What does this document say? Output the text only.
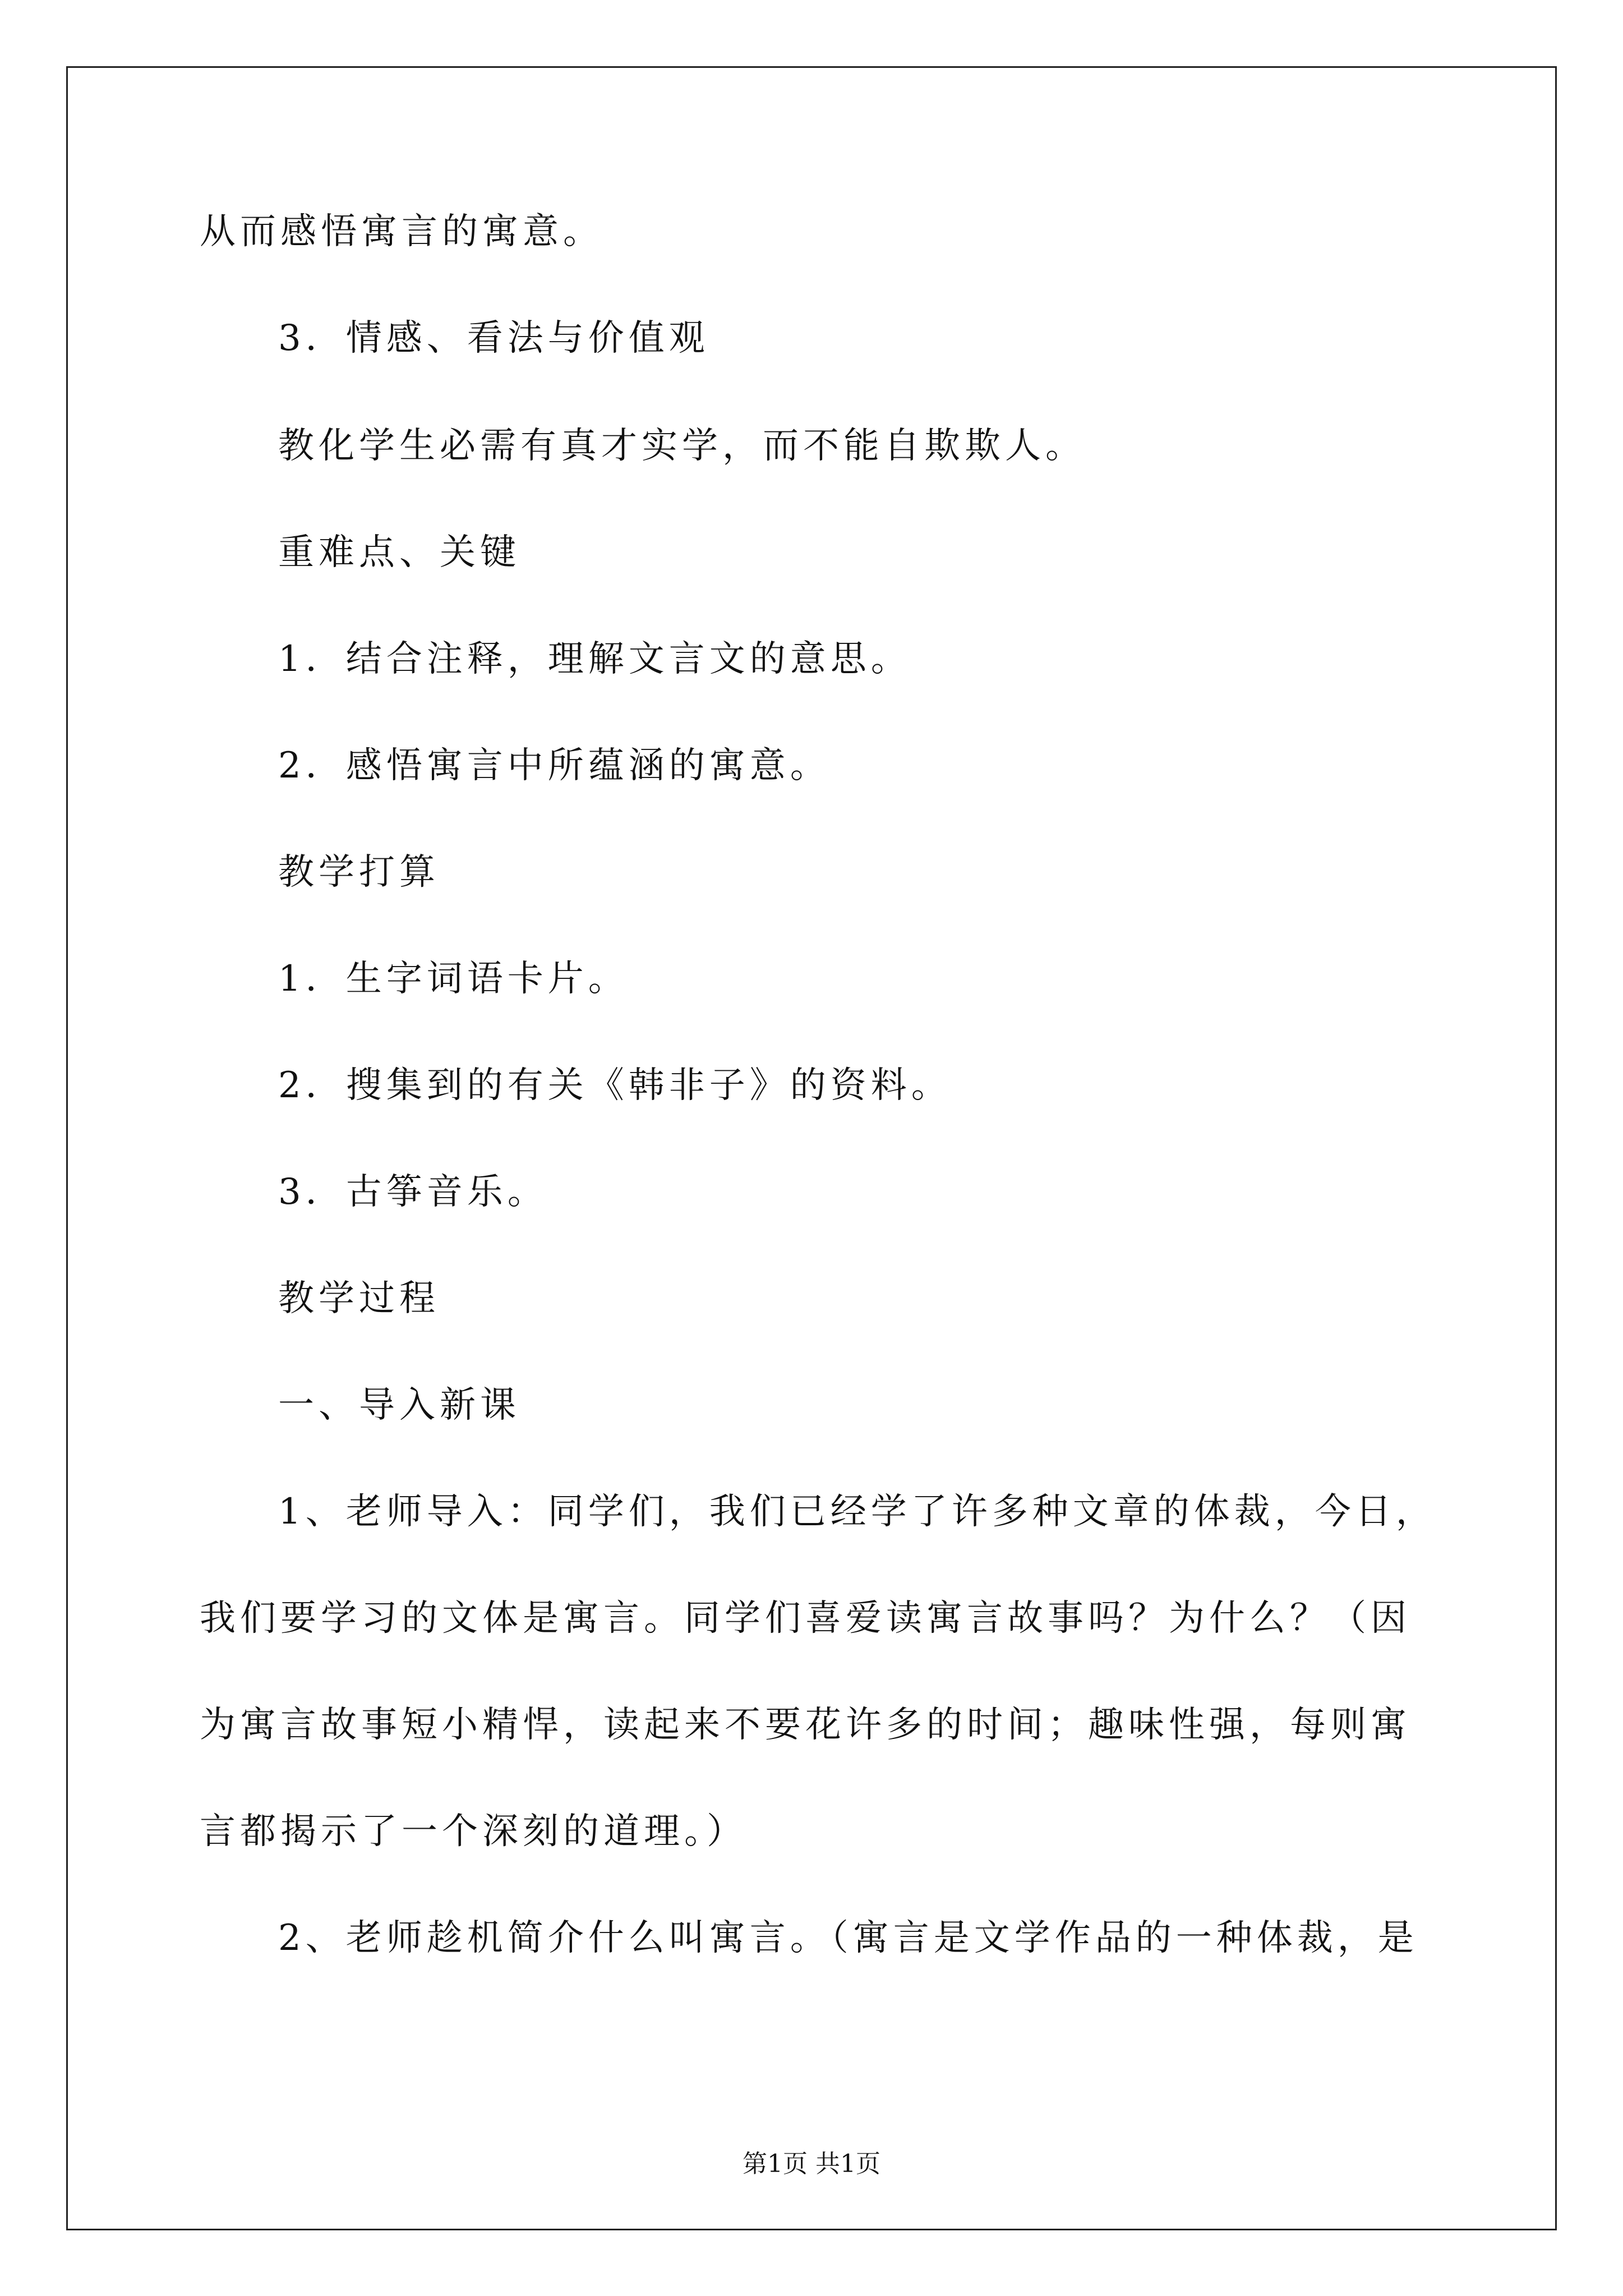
从而感悟寓言的寓意。
3．情感、看法与价值观
教化学生必需有真才实学，而不能自欺欺人。
重难点、关键
1．结合注释，理解文言文的意思。
2．感悟寓言中所蕴涵的寓意。
教学打算
1．生字词语卡片。
2．搜集到的有关《韩非子》的资料。
3．古筝音乐。
教学过程
一、导入新课
1、老师导入：同学们，我们已经学了许多种文章的体裁，今日，
我们要学习的文体是寓言。同学们喜爱读寓言故事吗？为什么？（因
为寓言故事短小精悍，读起来不要花许多的时间；趣味性强，每则寓
言都揭示了一个深刻的道理。）
2、老师趁机简介什么叫寓言。（寓言是文学作品的一种体裁，是
第1页 共1页
